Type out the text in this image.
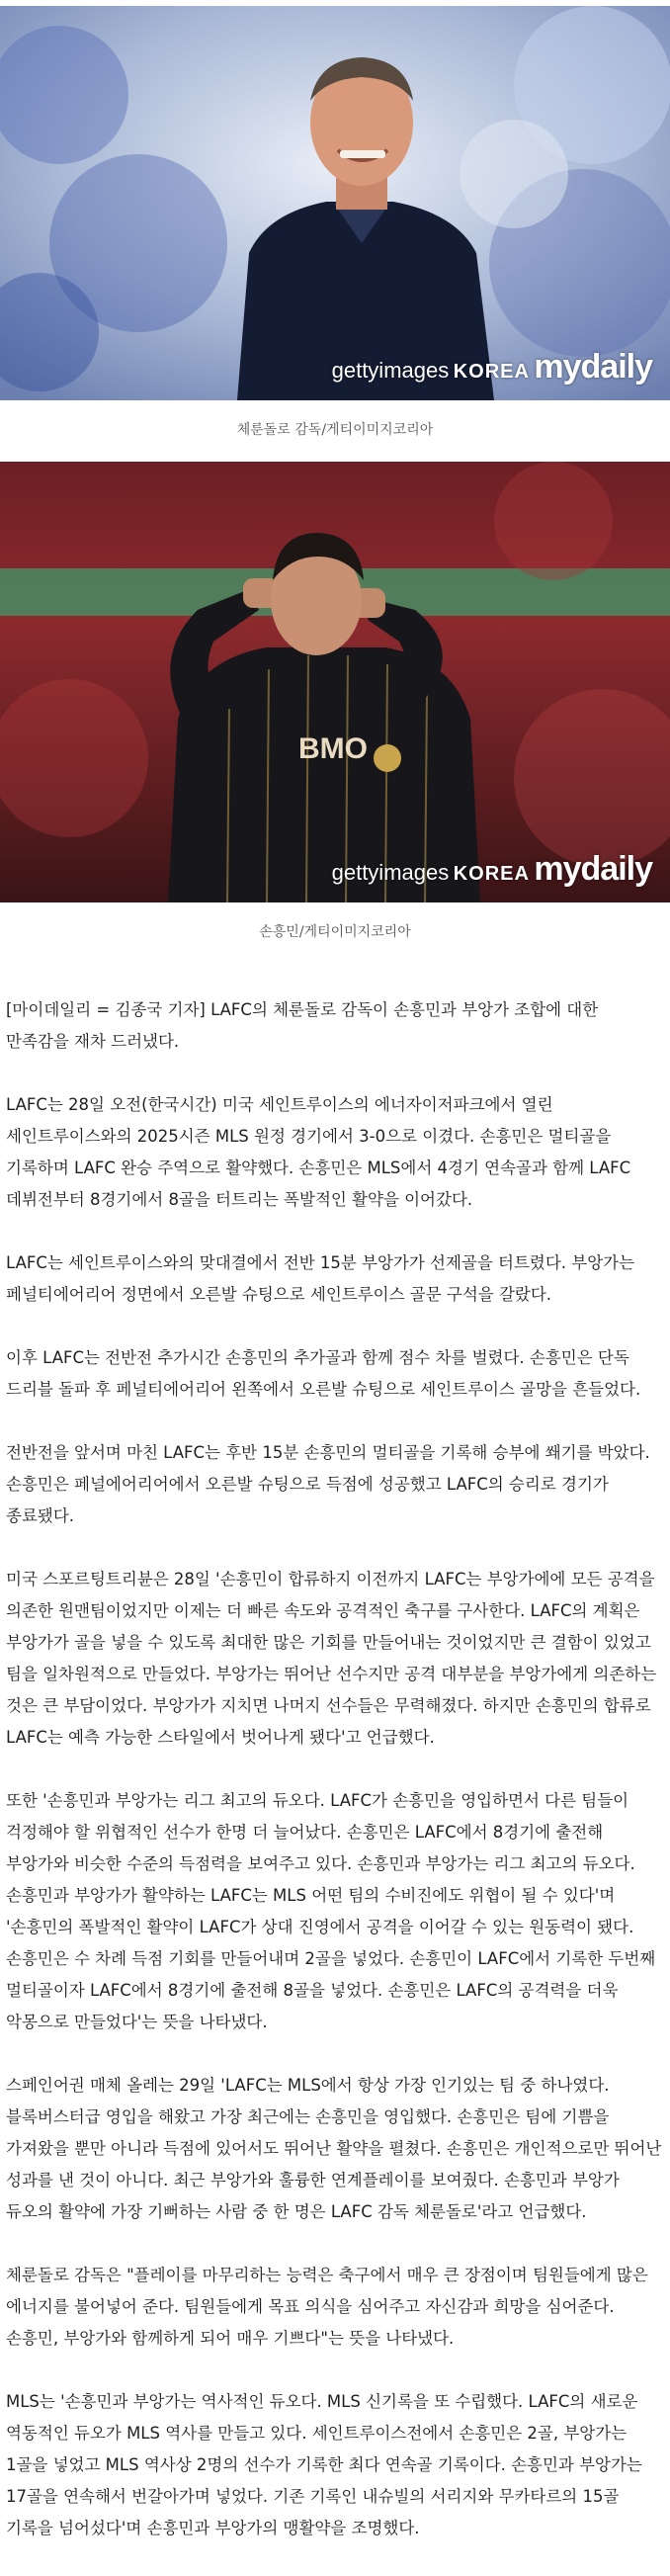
gettyimages KOREA mydaily
체룬돌로 감독/게티이미지코리아
BMO
gettyimages KOREA mydaily
손흥민/게티이미지코리아

[마이데일리 = 김종국 기자] LAFC의 체룬돌로 감독이 손흥민과 부앙가 조합에 대한 만족감을 재차 드러냈다.

LAFC는 28일 오전(한국시간) 미국 세인트루이스의 에너자이저파크에서 열린 세인트루이스와의 2025시즌 MLS 원정 경기에서 3-0으로 이겼다. 손흥민은 멀티골을 기록하며 LAFC 완승 주역으로 활약했다. 손흥민은 MLS에서 4경기 연속골과 함께 LAFC 데뷔전부터 8경기에서 8골을 터트리는 폭발적인 활약을 이어갔다.

LAFC는 세인트루이스와의 맞대결에서 전반 15분 부앙가가 선제골을 터트렸다. 부앙가는 페널티에어리어 정면에서 오른발 슈팅으로 세인트루이스 골문 구석을 갈랐다.

이후 LAFC는 전반전 추가시간 손흥민의 추가골과 함께 점수 차를 벌렸다. 손흥민은 단독 드리블 돌파 후 페널티에어리어 왼쪽에서 오른발 슈팅으로 세인트루이스 골망을 흔들었다.

전반전을 앞서며 마친 LAFC는 후반 15분 손흥민의 멀티골을 기록해 승부에 쐐기를 박았다. 손흥민은 페널에어리어에서 오른발 슈팅으로 득점에 성공했고 LAFC의 승리로 경기가 종료됐다.

미국 스포르팅트리뷴은 28일 '손흥민이 합류하지 이전까지 LAFC는 부앙가에에 모든 공격을 의존한 원맨팀이었지만 이제는 더 빠른 속도와 공격적인 축구를 구사한다. LAFC의 계획은 부앙가가 골을 넣을 수 있도록 최대한 많은 기회를 만들어내는 것이었지만 큰 결함이 있었고 팀을 일차원적으로 만들었다. 부앙가는 뛰어난 선수지만 공격 대부분을 부앙가에게 의존하는 것은 큰 부담이었다. 부앙가가 지치면 나머지 선수들은 무력해졌다. 하지만 손흥민의 합류로 LAFC는 예측 가능한 스타일에서 벗어나게 됐다'고 언급했다.

또한 '손흥민과 부앙가는 리그 최고의 듀오다. LAFC가 손흥민을 영입하면서 다른 팀들이 걱정해야 할 위협적인 선수가 한명 더 늘어났다. 손흥민은 LAFC에서 8경기에 출전해 부앙가와 비슷한 수준의 득점력을 보여주고 있다. 손흥민과 부앙가는 리그 최고의 듀오다. 손흥민과 부앙가가 활약하는 LAFC는 MLS 어떤 팀의 수비진에도 위협이 될 수 있다'며 '손흥민의 폭발적인 활약이 LAFC가 상대 진영에서 공격을 이어갈 수 있는 원동력이 됐다. 손흥민은 수 차례 득점 기회를 만들어내며 2골을 넣었다. 손흥민이 LAFC에서 기록한 두번째 멀티골이자 LAFC에서 8경기에 출전해 8골을 넣었다. 손흥민은 LAFC의 공격력을 더욱 악몽으로 만들었다'는 뜻을 나타냈다.

스페인어권 매체 올레는 29일 'LAFC는 MLS에서 항상 가장 인기있는 팀 중 하나였다. 블록버스터급 영입을 해왔고 가장 최근에는 손흥민을 영입했다. 손흥민은 팀에 기쁨을 가져왔을 뿐만 아니라 득점에 있어서도 뛰어난 활약을 펼쳤다. 손흥민은 개인적으로만 뛰어난 성과를 낸 것이 아니다. 최근 부앙가와 훌륭한 연계플레이를 보여줬다. 손흥민과 부앙가 듀오의 활약에 가장 기뻐하는 사람 중 한 명은 LAFC 감독 체룬돌로'라고 언급했다.

체룬돌로 감독은 "플레이를 마무리하는 능력은 축구에서 매우 큰 장점이며 팀원들에게 많은 에너지를 불어넣어 준다. 팀원들에게 목표 의식을 심어주고 자신감과 희망을 심어준다. 손흥민, 부앙가와 함께하게 되어 매우 기쁘다"는 뜻을 나타냈다.

MLS는 '손흥민과 부앙가는 역사적인 듀오다. MLS 신기록을 또 수립했다. LAFC의 새로운 역동적인 듀오가 MLS 역사를 만들고 있다. 세인트루이스전에서 손흥민은 2골, 부앙가는 1골을 넣었고 MLS 역사상 2명의 선수가 기록한 최다 연속골 기록이다. 손흥민과 부앙가는 17골을 연속해서 번갈아가며 넣었다. 기존 기록인 내슈빌의 서리지와 무카타르의 15골 기록을 넘어섰다'며 손흥민과 부앙가의 맹활약을 조명했다.
